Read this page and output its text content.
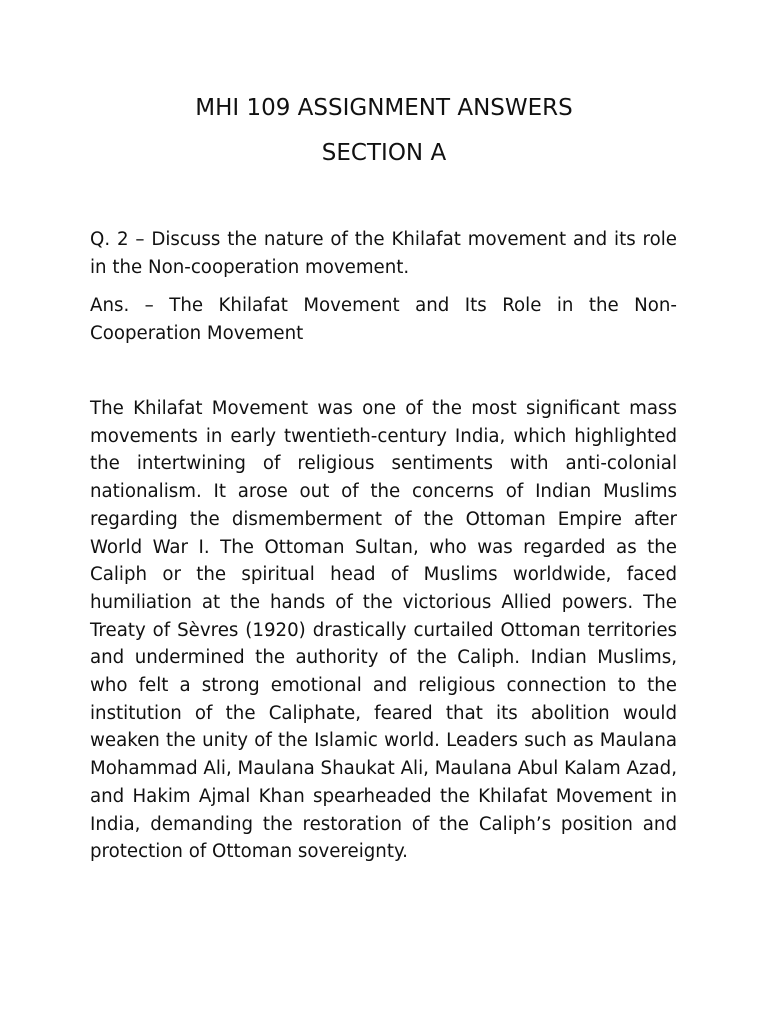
MHI 109 ASSIGNMENT ANSWERS
SECTION A

Q. 2 – Discuss the nature of the Khilafat movement and its role in the Non-cooperation movement.

Ans. – The Khilafat Movement and Its Role in the Non-Cooperation Movement

The Khilafat Movement was one of the most significant mass movements in early twentieth-century India, which highlighted the intertwining of religious sentiments with anti-colonial nationalism. It arose out of the concerns of Indian Muslims regarding the dismemberment of the Ottoman Empire after World War I. The Ottoman Sultan, who was regarded as the Caliph or the spiritual head of Muslims worldwide, faced humiliation at the hands of the victorious Allied powers. The Treaty of Sèvres (1920) drastically curtailed Ottoman territories and undermined the authority of the Caliph. Indian Muslims, who felt a strong emotional and religious connection to the institution of the Caliphate, feared that its abolition would weaken the unity of the Islamic world. Leaders such as Maulana Mohammad Ali, Maulana Shaukat Ali, Maulana Abul Kalam Azad, and Hakim Ajmal Khan spearheaded the Khilafat Movement in India, demanding the restoration of the Caliph’s position and protection of Ottoman sovereignty.
